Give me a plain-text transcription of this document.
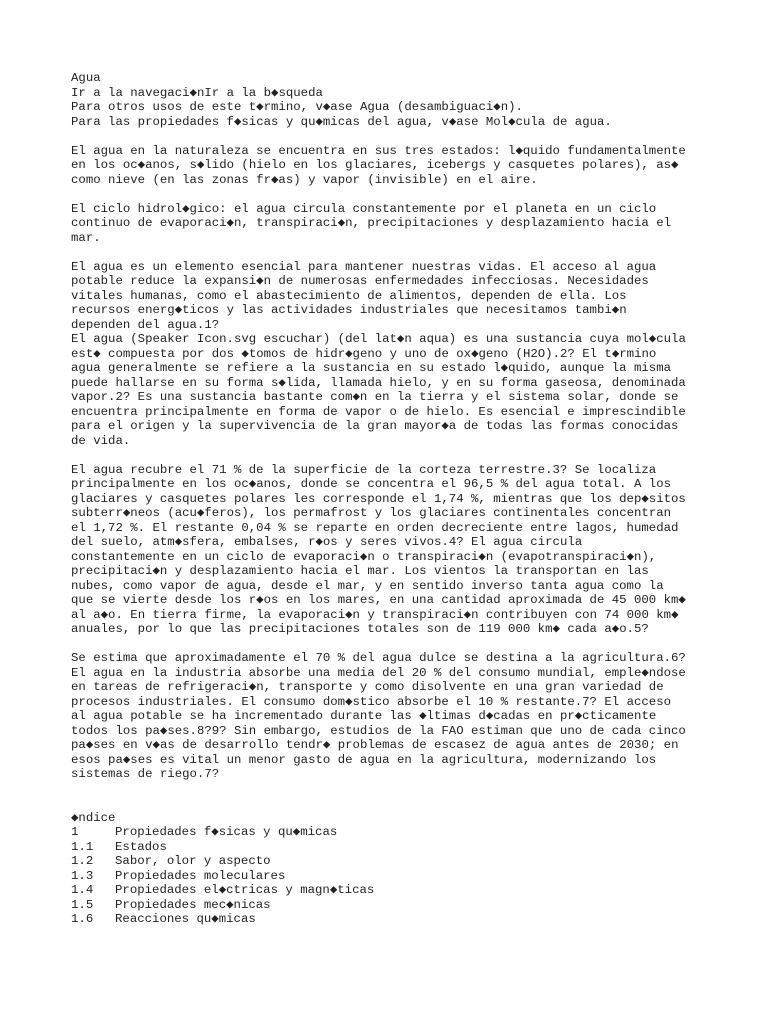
Agua
Ir a la navegaci◆nIr a la b◆squeda
Para otros usos de este t◆rmino, v◆ase Agua (desambiguaci◆n).
Para las propiedades f◆sicas y qu◆micas del agua, v◆ase Mol◆cula de agua.
El agua en la naturaleza se encuentra en sus tres estados: l◆quido fundamentalmente
en los oc◆anos, s◆lido (hielo en los glaciares, icebergs y casquetes polares), as◆
como nieve (en las zonas fr◆as) y vapor (invisible) en el aire.
El ciclo hidrol◆gico: el agua circula constantemente por el planeta en un ciclo
continuo de evaporaci◆n, transpiraci◆n, precipitaciones y desplazamiento hacia el
mar.
El agua es un elemento esencial para mantener nuestras vidas. El acceso al agua
potable reduce la expansi◆n de numerosas enfermedades infecciosas. Necesidades
vitales humanas, como el abastecimiento de alimentos, dependen de ella. Los
recursos energ◆ticos y las actividades industriales que necesitamos tambi◆n
dependen del agua.1?
El agua (Speaker Icon.svg escuchar) (del lat◆n aqua) es una sustancia cuya mol◆cula
est◆ compuesta por dos ◆tomos de hidr◆geno y uno de ox◆geno (H2O).2? El t◆rmino
agua generalmente se refiere a la sustancia en su estado l◆quido, aunque la misma
puede hallarse en su forma s◆lida, llamada hielo, y en su forma gaseosa, denominada
vapor.2? Es una sustancia bastante com◆n en la tierra y el sistema solar, donde se
encuentra principalmente en forma de vapor o de hielo. Es esencial e imprescindible
para el origen y la supervivencia de la gran mayor◆a de todas las formas conocidas
de vida.
El agua recubre el 71 % de la superficie de la corteza terrestre.3? Se localiza
principalmente en los oc◆anos, donde se concentra el 96,5 % del agua total. A los
glaciares y casquetes polares les corresponde el 1,74 %, mientras que los dep◆sitos
subterr◆neos (acu◆feros), los permafrost y los glaciares continentales concentran
el 1,72 %. El restante 0,04 % se reparte en orden decreciente entre lagos, humedad
del suelo, atm◆sfera, embalses, r◆os y seres vivos.4? El agua circula
constantemente en un ciclo de evaporaci◆n o transpiraci◆n (evapotranspiraci◆n),
precipitaci◆n y desplazamiento hacia el mar. Los vientos la transportan en las
nubes, como vapor de agua, desde el mar, y en sentido inverso tanta agua como la
que se vierte desde los r◆os en los mares, en una cantidad aproximada de 45 000 km◆
al a◆o. En tierra firme, la evaporaci◆n y transpiraci◆n contribuyen con 74 000 km◆
anuales, por lo que las precipitaciones totales son de 119 000 km◆ cada a◆o.5?
Se estima que aproximadamente el 70 % del agua dulce se destina a la agricultura.6?
El agua en la industria absorbe una media del 20 % del consumo mundial, emple◆ndose
en tareas de refrigeraci◆n, transporte y como disolvente en una gran variedad de
procesos industriales. El consumo dom◆stico absorbe el 10 % restante.7? El acceso
al agua potable se ha incrementado durante las ◆ltimas d◆cadas en pr◆cticamente
todos los pa◆ses.8?9? Sin embargo, estudios de la FAO estiman que uno de cada cinco
pa◆ses en v◆as de desarrollo tendr◆ problemas de escasez de agua antes de 2030; en
esos pa◆ses es vital un menor gasto de agua en la agricultura, modernizando los
sistemas de riego.7?
◆ndice
1	Propiedades f◆sicas y qu◆micas
1.1	Estados
1.2	Sabor, olor y aspecto
1.3	Propiedades moleculares
1.4	Propiedades el◆ctricas y magn◆ticas
1.5	Propiedades mec◆nicas
1.6	Reacciones qu◆micas
